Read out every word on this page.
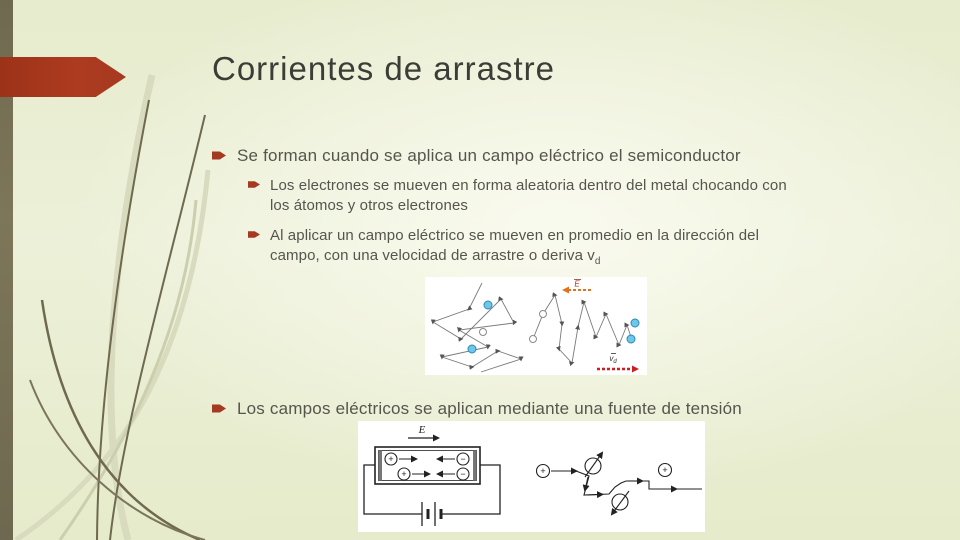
Corrientes de arrastre
Se forman cuando se aplica un campo eléctrico el semiconductor
Los electrones se mueven en forma aleatoria dentro del metal chocando con los átomos y otros electrones
Al aplicar un campo eléctrico se mueven en promedio en la dirección del campo, con una velocidad de arrastre o deriva $v_d$
E
$v_d$
Los campos eléctricos se aplican mediante una fuente de tensión
E
+
+
−
−	+	+
